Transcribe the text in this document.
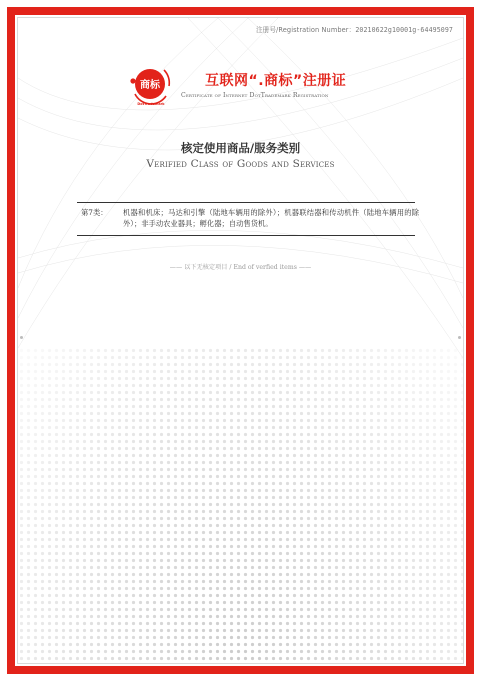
注册号/Registration Number：20210622g10001g-64495097
商标
DotTrademark
互联网“.商标”注册证
Certificate of Internet DotTrademark Registration
核定使用商品/服务类别
Verified Class of Goods and Services
第7类： 机器和机床；马达和引擎（陆地车辆用的除外）；机器联结器和传动机件（陆地车辆用的除外）；非手动农业器具；孵化器；自动售货机。
—— 以下无核定项目 / End of verfied items ——
